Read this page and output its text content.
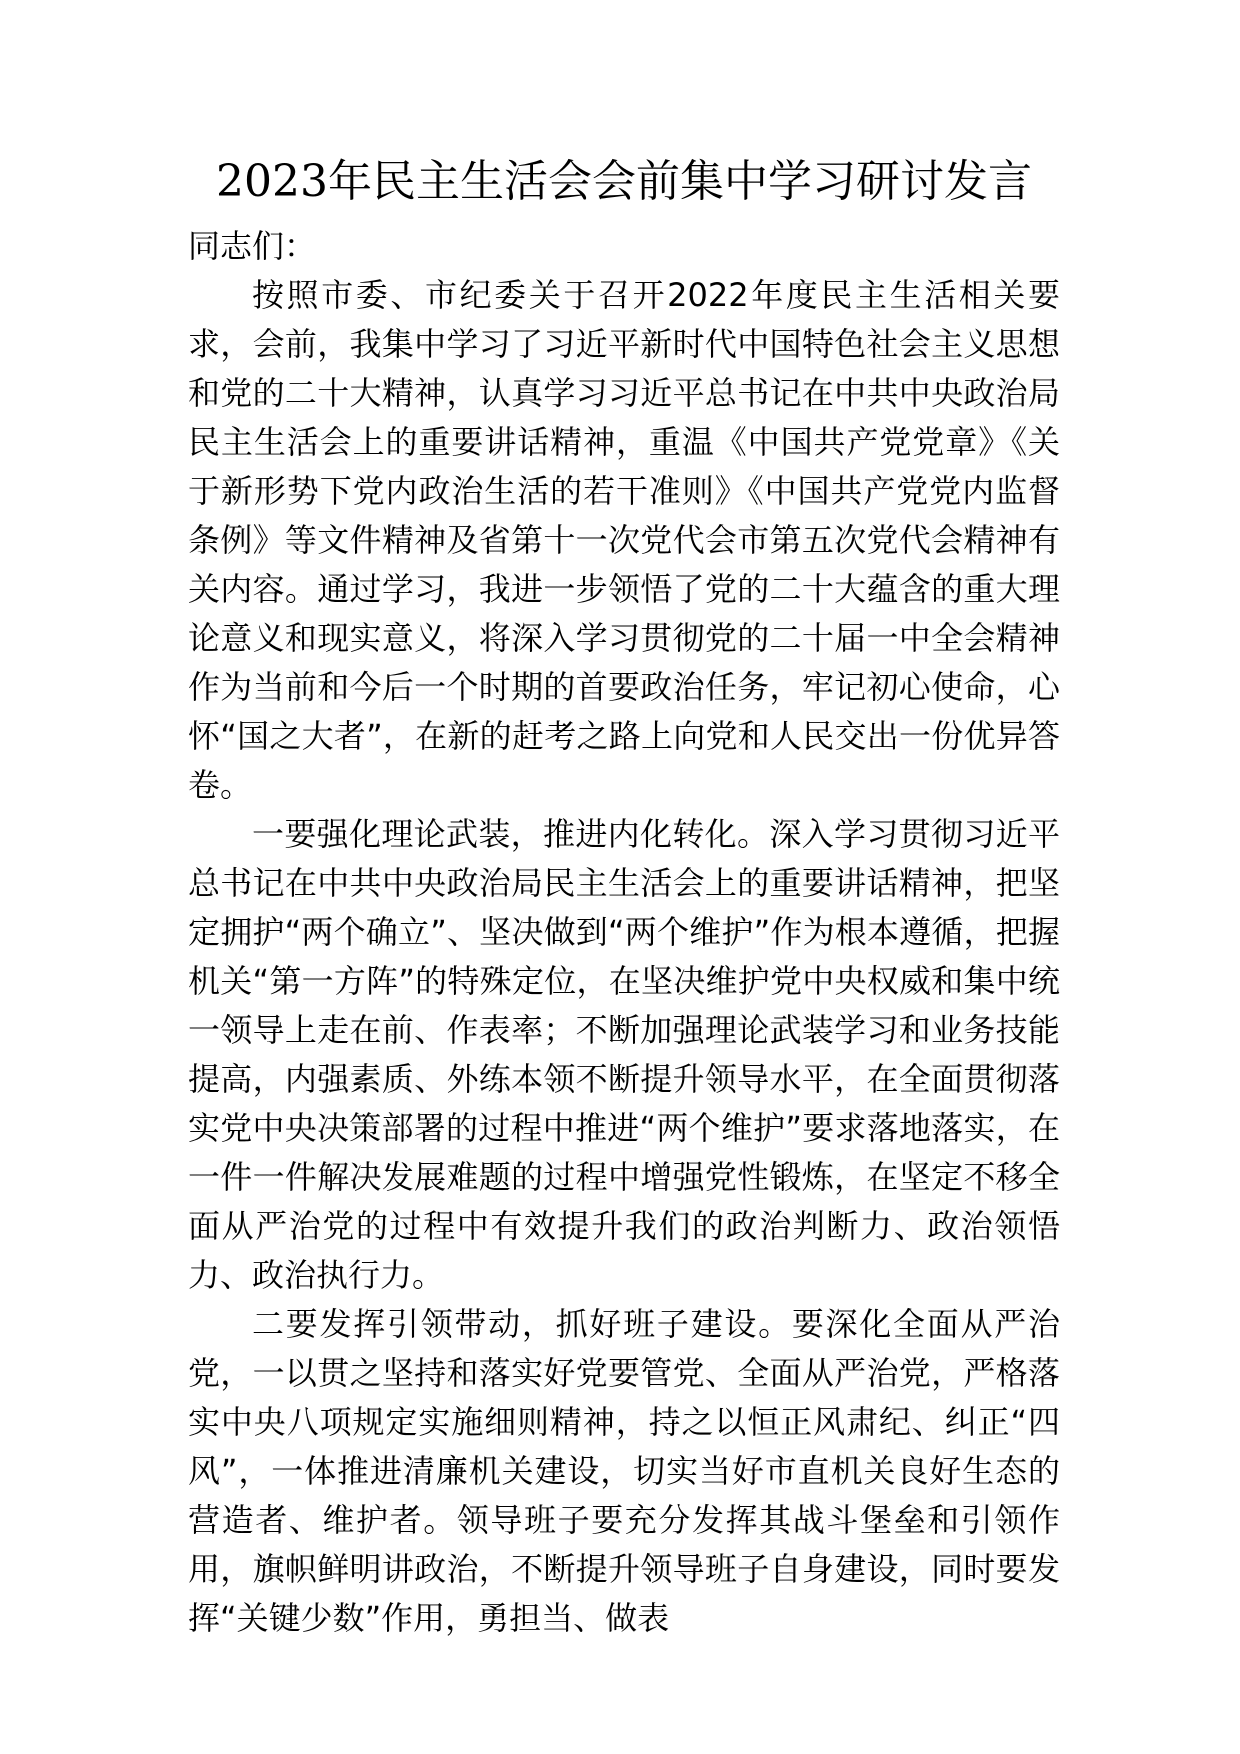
2023年民主生活会会前集中学习研讨发言

同志们：

按照市委、市纪委关于召开2022年度民主生活相关要求，会前，我集中学习了习近平新时代中国特色社会主义思想和党的二十大精神，认真学习习近平总书记在中共中央政治局民主生活会上的重要讲话精神，重温《中国共产党党章》《关于新形势下党内政治生活的若干准则》《中国共产党党内监督条例》等文件精神及省第十一次党代会市第五次党代会精神有关内容。通过学习，我进一步领悟了党的二十大蕴含的重大理论意义和现实意义，将深入学习贯彻党的二十届一中全会精神作为当前和今后一个时期的首要政治任务，牢记初心使命，心怀“国之大者”，在新的赶考之路上向党和人民交出一份优异答卷。

一要强化理论武装，推进内化转化。深入学习贯彻习近平总书记在中共中央政治局民主生活会上的重要讲话精神，把坚定拥护“两个确立”、坚决做到“两个维护”作为根本遵循，把握机关“第一方阵”的特殊定位，在坚决维护党中央权威和集中统一领导上走在前、作表率；不断加强理论武装学习和业务技能提高，内强素质、外练本领不断提升领导水平，在全面贯彻落实党中央决策部署的过程中推进“两个维护”要求落地落实，在一件一件解决发展难题的过程中增强党性锻炼，在坚定不移全面从严治党的过程中有效提升我们的政治判断力、政治领悟力、政治执行力。

二要发挥引领带动，抓好班子建设。要深化全面从严治党，一以贯之坚持和落实好党要管党、全面从严治党，严格落实中央八项规定实施细则精神，持之以恒正风肃纪、纠正“四风”，一体推进清廉机关建设，切实当好市直机关良好生态的营造者、维护者。领导班子要充分发挥其战斗堡垒和引领作用，旗帜鲜明讲政治，不断提升领导班子自身建设，同时要发挥“关键少数”作用，勇担当、做表
